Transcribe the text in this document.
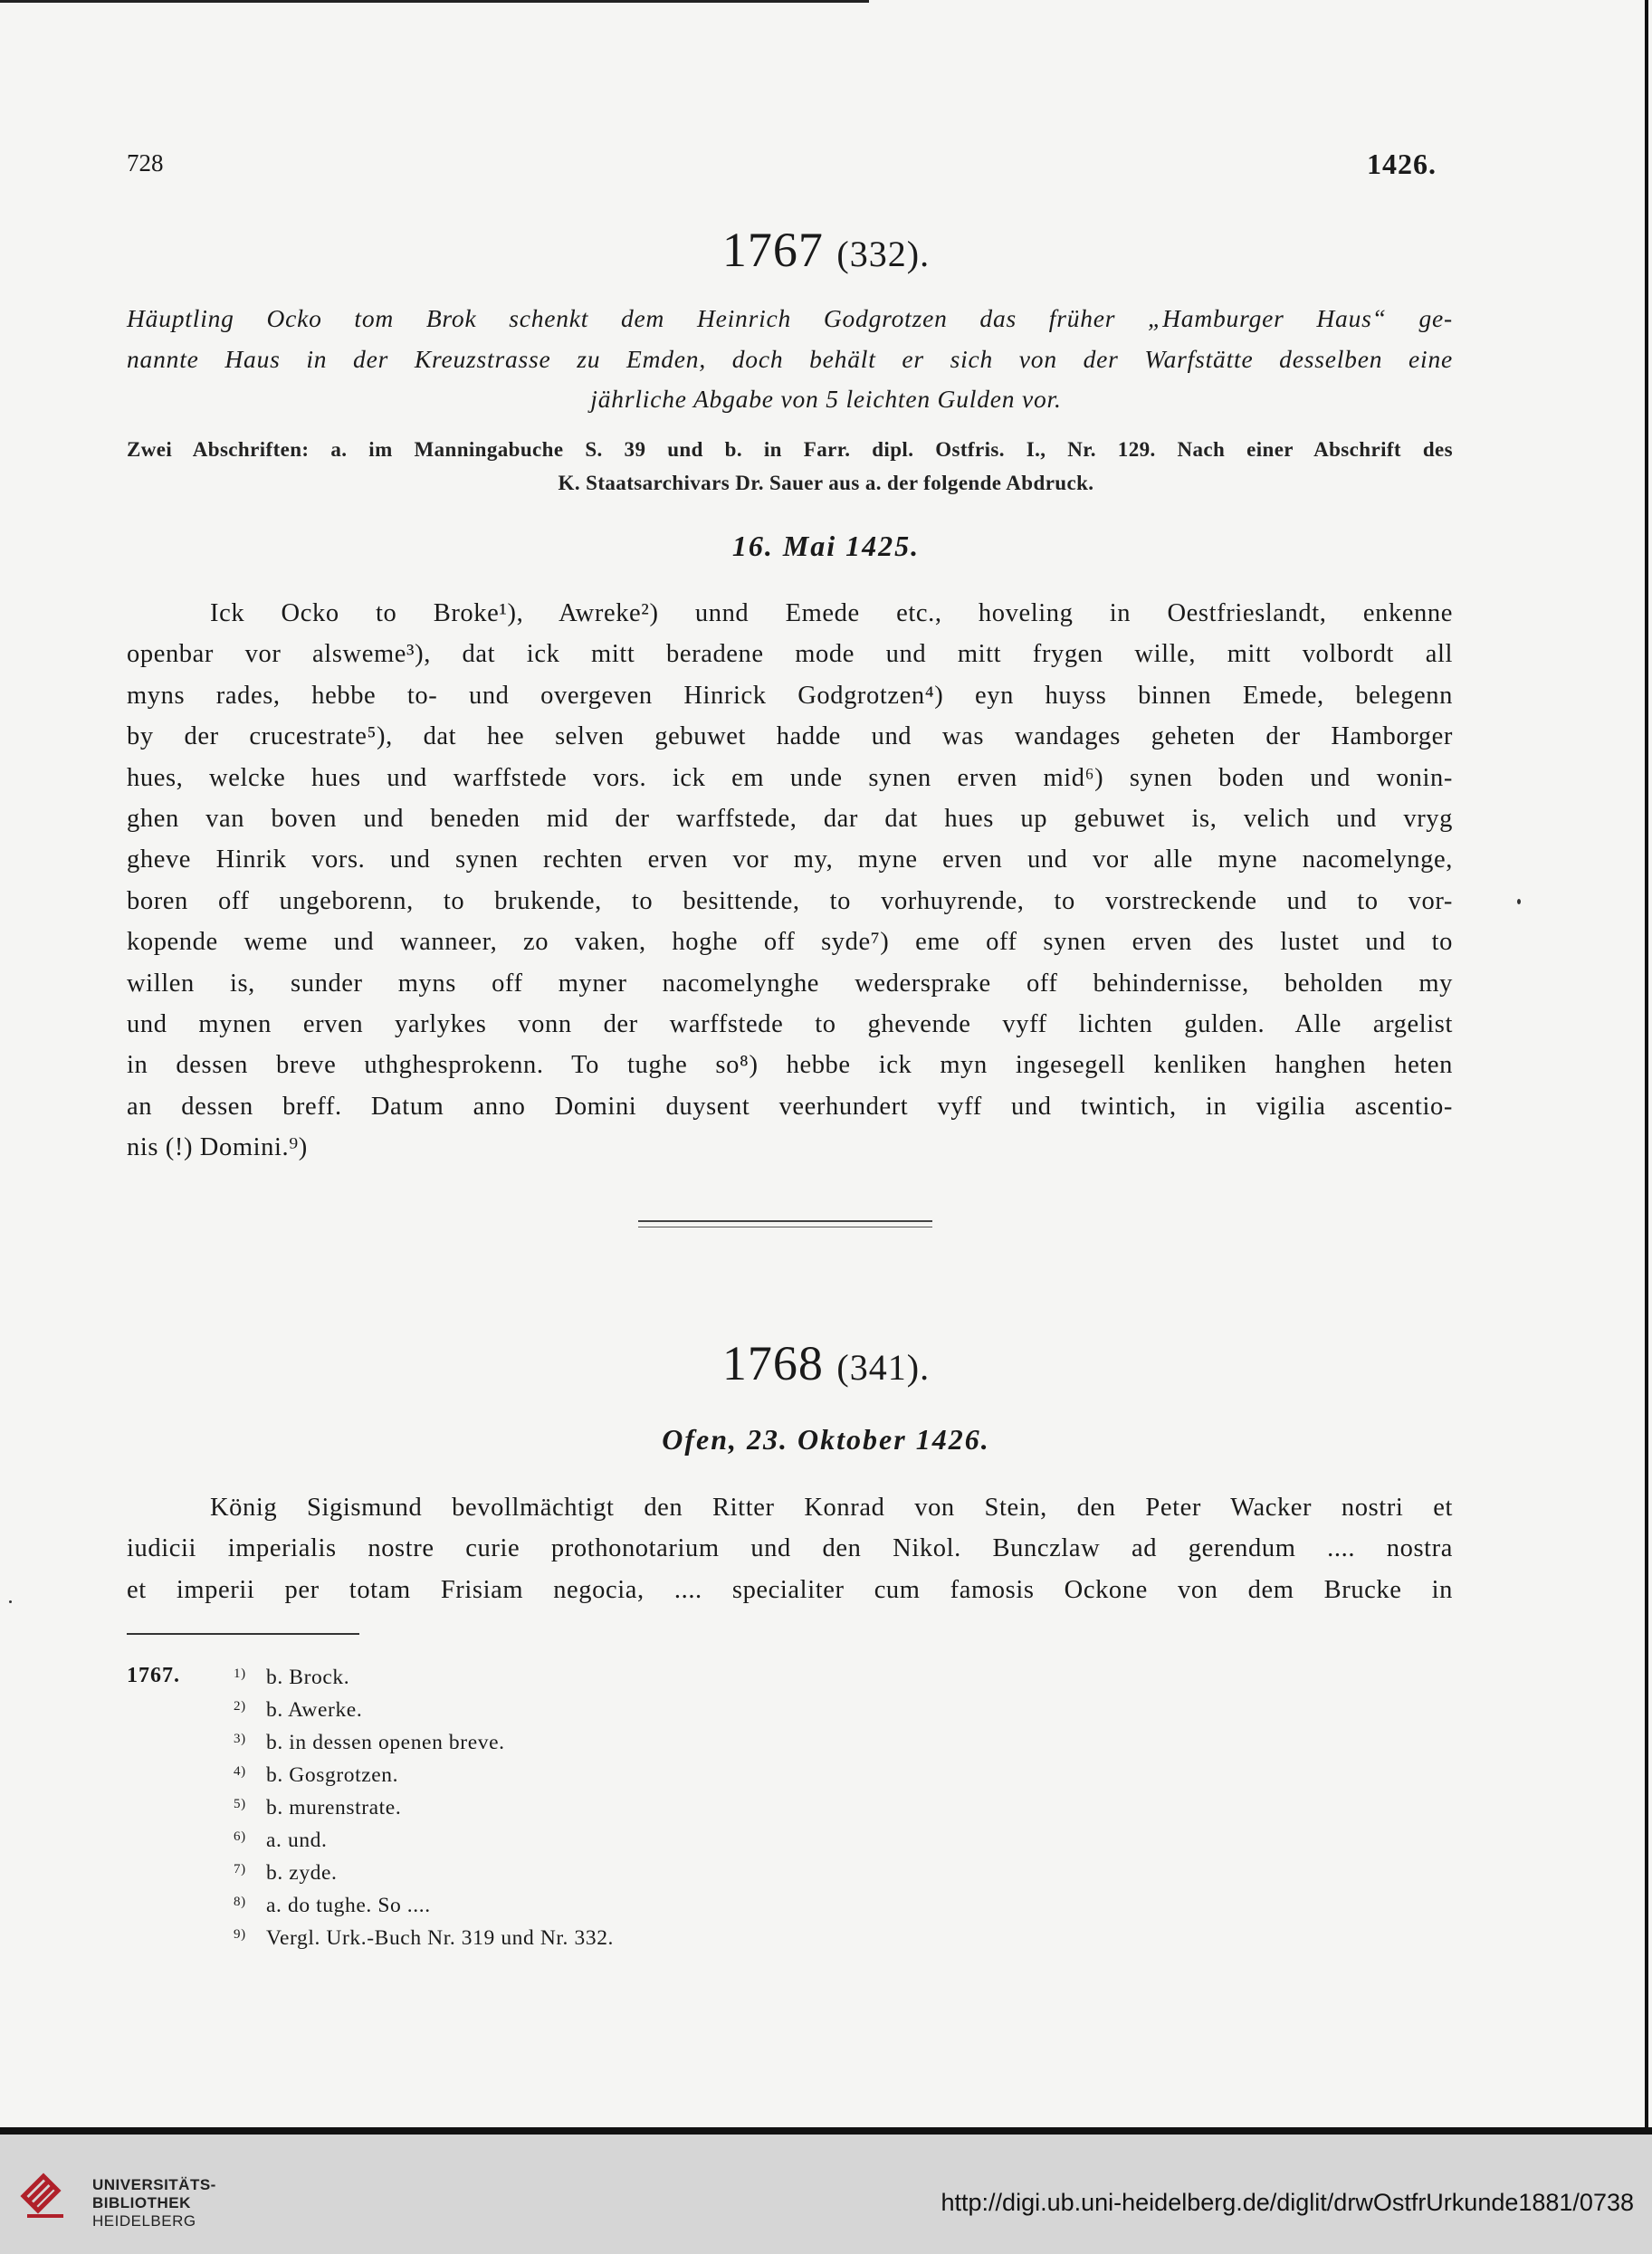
728	1426.
1767 (332).
Häuptling Ocko tom Brok schenkt dem Heinrich Godgrotzen das früher „Hamburger Haus“ ge-
nannte Haus in der Kreuzstrasse zu Emden, doch behält er sich von der Warfstätte desselben eine
jährliche Abgabe von 5 leichten Gulden vor.
Zwei Abschriften: a. im Manningabuche S. 39 und b. in Farr. dipl. Ostfris. I., Nr. 129. Nach einer Abschrift des
K. Staatsarchivars Dr. Sauer aus a. der folgende Abdruck.
16. Mai 1425.
Ick Ocko to Broke¹), Awreke²) unnd Emede etc., hoveling in Oestfrieslandt, enkenne
openbar vor alsweme³), dat ick mitt beradene mode und mitt frygen wille, mitt volbordt all
myns rades, hebbe to- und overgeven Hinrick Godgrotzen⁴) eyn huyss binnen Emede, belegenn
by der crucestrate⁵), dat hee selven gebuwet hadde und was wandages geheten der Hamborger
hues, welcke hues und warffstede vors. ick em unde synen erven mid⁶) synen boden und wonin-
ghen van boven und beneden mid der warffstede, dar dat hues up gebuwet is, velich und vryg
gheve Hinrik vors. und synen rechten erven vor my, myne erven und vor alle myne nacomelynge,
boren off ungeborenn, to brukende, to besittende, to vorhuyrende, to vorstreckende und to vor-
kopende weme und wanneer, zo vaken, hoghe off syde⁷) eme off synen erven des lustet und to
willen is, sunder myns off myner nacomelynghe wedersprake off behindernisse, beholden my
und mynen erven yarlykes vonn der warffstede to ghevende vyff lichten gulden. Alle argelist
in dessen breve uthghesprokenn. To tughe so⁸) hebbe ick myn ingesegell kenliken hanghen heten
an dessen breff. Datum anno Domini duysent veerhundert vyff und twintich, in vigilia ascentio-
nis (!) Domini.⁹)
1768 (341).
Ofen, 23. Oktober 1426.
König Sigismund bevollmächtigt den Ritter Konrad von Stein, den Peter Wacker nostri et
iudicii imperialis nostre curie prothonotarium und den Nikol. Bunczlaw ad gerendum .... nostra
et imperii per totam Frisiam negocia, .... specialiter cum famosis Ockone von dem Brucke in
1767.	1) b. Brock.
2) b. Awerke.
3) b. in dessen openen breve.
4) b. Gosgrotzen.
5) b. murenstrate.
6) a. und.
7) b. zyde.
8) a. do tughe. So ....
9) Vergl. Urk.-Buch Nr. 319 und Nr. 332.
UNIVERSITÄTS-
BIBLIOTHEK
HEIDELBERG
http://digi.ub.uni-heidelberg.de/diglit/drwOstfrUrkunde1881/0738
